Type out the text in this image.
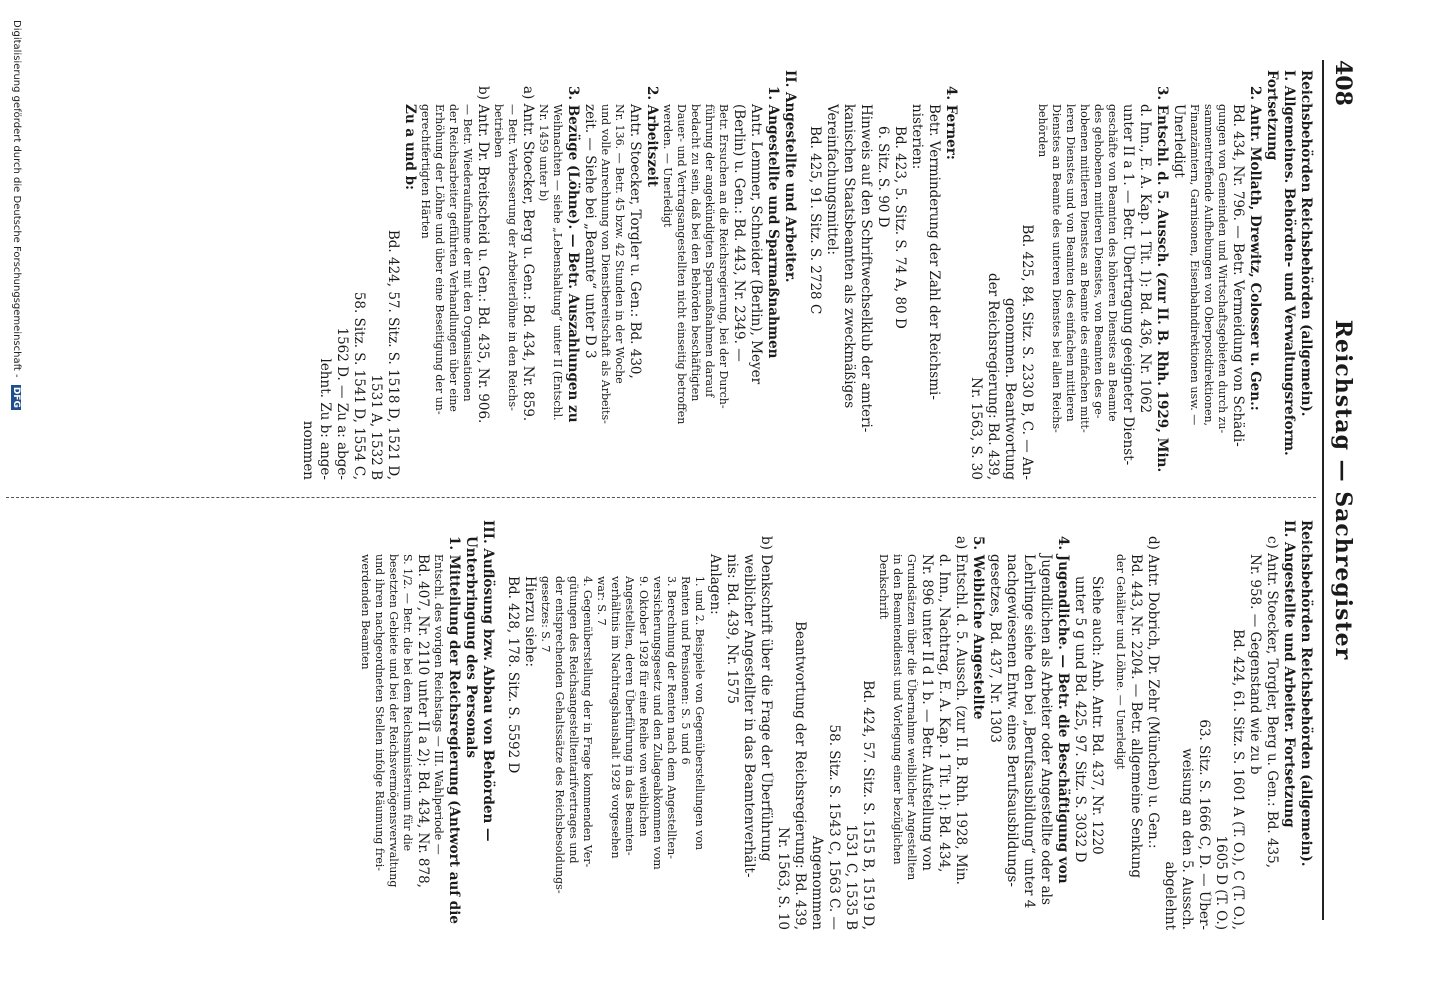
408
Reichstag — Sachregister
Reichsbehörden Reichsbehörden (allgemein).
I. Allgemeines. Behörden- und Verwaltungsreform.
Fortsetzung
2. Antr. Mollath, Drewitz, Colosser u. Gen.:
Bd. 434, Nr. 796. — Betr. Vermeidung von Schädi-
gungen von Gemeinden und Wirtschaftsgebieten durch zu-
sammentreffende Aufhebungen von Oberpostdirektionen,
Finanzämtern, Garnisonen, Eisenbahndirektionen usw. —
Unerledigt
3. Entschl. d. 5. Aussch. (zur II. B. Rhh. 1929, Min.
d. Inn., E. A. Kap. 1 Tit. 1): Bd. 436, Nr. 1062
unter II a 1. — Betr. Übertragung geeigneter Dienst-
geschäfte von Beamten des höheren Dienstes an Beamte
des gehobenen mittleren Dienstes, von Beamten des ge-
hobenen mittleren Dienstes an Beamte des einfachen mitt-
leren Dienstes und von Beamten des einfachen mittleren
Dienstes an Beamte des unteren Dienstes bei allen Reichs-
behörden
Bd. 425, 84. Sitz. S. 2330 B, C. — An-
genommen. Beantwortung
der Reichsregierung: Bd. 439,
Nr. 1563, S. 30
4. Ferner:
Betr. Verminderung der Zahl der Reichsmi-
nisterien:
Bd. 423, 5. Sitz. S. 74 A, 80 D
6. Sitz. S. 90 D
Hinweis auf den Schriftwechselklub der amteri-
kanischen Staatsbeamten als zweckmäßiges
Vereinfachungsmittel:
Bd. 425, 91. Sitz. S. 2728 C
II. Angestellte und Arbeiter.
1. Angestellte und Sparmaßnahmen
Antr. Lemmer, Schneider (Berlin), Meyer
(Berlin) u. Gen.: Bd. 443, Nr. 2349. —
Betr. Ersuchen an die Reichsregierung, bei der Durch-
führung der angekündigten Sparmaßnahmen darauf
bedacht zu sein, daß bei den Behörden beschäftigten
Dauer- und Vertragsangestellten nicht einseitig betroffen
werden. — Unerledigt
2. Arbeitszeit
Antr. Stoecker, Torgler u. Gen.: Bd. 430,
Nr. 136. — Betr. 45 bzw. 42 Stunden in der Woche
und volle Anrechnung von Dienstbereitschaft als Arbeits-
zeit. — Siehe bei „Beamte“ unter D 3
3. Bezüge (Löhne). — Betr. Auszahlungen zu
Weihnachten — siehe „Lebenshaltung“ unter II (Entschl.
Nr. 1459 unter b)
a) Antr. Stoecker, Berg u. Gen.: Bd. 434, Nr. 859.
— Betr. Verbesserung der Arbeiterlöhne in den Reichs-
betrieben
b) Antr. Dr. Breitscheid u. Gen.: Bd. 435, Nr. 906.
— Betr. Wiederaufnahme der mit den Organisationen
der Reichsarbeiter geführten Verhandlungen über eine
Erhöhung der Löhne und über eine Beseitigung der un-
gerechtfertigten Härten
Zu a und b:
Bd. 424, 57. Sitz. S. 1518 D, 1521 D,
1531 A, 1532 B
58. Sitz. S. 1541 D, 1554 C,
1562 D. — Zu a: abge-
lehnt. Zu b: ange-
nommen
Reichsbehörden Reichsbehörden (allgemein).
II. Angestellte und Arbeiter. Fortsetzung
c) Antr. Stoecker, Torgler, Berg u. Gen.: Bd. 435,
Nr. 958. — Gegenstand wie zu b
Bd. 424, 61. Sitz. S. 1601 A (T. O.), C (T. O.),
1605 D (T. O.)
63. Sitz. S. 1666 C, D. — Über-
weisung an den 5. Aussch.
abgelehnt
d) Antr. Dobrich, Dr. Zehr (München) u. Gen.:
Bd. 443, Nr. 2204. — Betr. allgemeine Senkung
der Gehälter und Löhne. — Unerledigt
Siehe auch: Anb. Antr. Bd. 437, Nr. 1220
unter 5 g und Bd. 425, 97. Sitz. S. 3032 D
4. Jugendliche. — Betr. die Beschäftigung von
Jugendlichen als Arbeiter oder Angestellte oder als
Lehrlinge siehe den bei „Berufsausbildung“ unter 4
nachgewiesenen Entw. eines Berufsausbildungs-
gesetzes, Bd. 437, Nr. 1303
5. Weibliche Angestellte
a) Entschl. d. 5. Aussch. (zur II. B. Rhh. 1928, Min.
d. Inn., Nachtrag, E. A. Kap. 1 Tit. 1): Bd. 434,
Nr. 896 unter II d 1 b. — Betr. Aufstellung von
Grundsätzen über die Übernahme weiblicher Angestellten
in den Beamtendienst und Vorlegung einer bezüglichen
Denkschrift
Bd. 424, 57. Sitz. S. 1515 B, 1519 D,
1531 C, 1535 B
58. Sitz. S. 1543 C, 1563 C. —
Angenommen
Beantwortung der Reichsregierung: Bd. 439,
Nr. 1563, S. 10
b) Denkschrift über die Frage der Überführung
weiblicher Angestellter in das Beamtenverhält-
nis: Bd. 439, Nr. 1575
Anlagen:
1. und 2. Beispiele von Gegenüberstellungen von
Renten und Pensionen: S. 5 und 6
3. Berechnung der Renten nach dem Angestellten-
versicherungsgesetz und den Zulageabkommen vom
9. Oktober 1928 für eine Reihe von weiblichen
Angestellten, deren Überführung in das Beamten-
verhältnis im Nachtragshaushalt 1928 vorgesehen
war: S. 7
4. Gegenüberstellung der in Frage kommenden Ver-
gütungen des Reichsangestelltentarifvertrages und
der entsprechenden Gehaltssätze des Reichsbesoldungs-
gesetzes: S. 7
Hierzu siehe:
Bd. 428, 178. Sitz. S. 5592 D
III. Auflösung bzw. Abbau von Behörden —
Unterbringung des Personals
1. Mitteilung der Reichsregierung (Antwort auf die
Entschl. des vorigen Reichstags — III. Wahlperiode —
Bd. 407, Nr. 2110 unter II a 2): Bd. 434, Nr. 878,
S. 1/2. — Betr. die bei dem Reichsministerium für die
besetzten Gebiete und bei der Reichsvermögensverwaltung
und ihren nachgeordneten Stellen infolge Räumung frei-
werdenden Beamten
Digitalisierung gefördert durch die Deutsche Forschungsgemeinschaft - DFG
